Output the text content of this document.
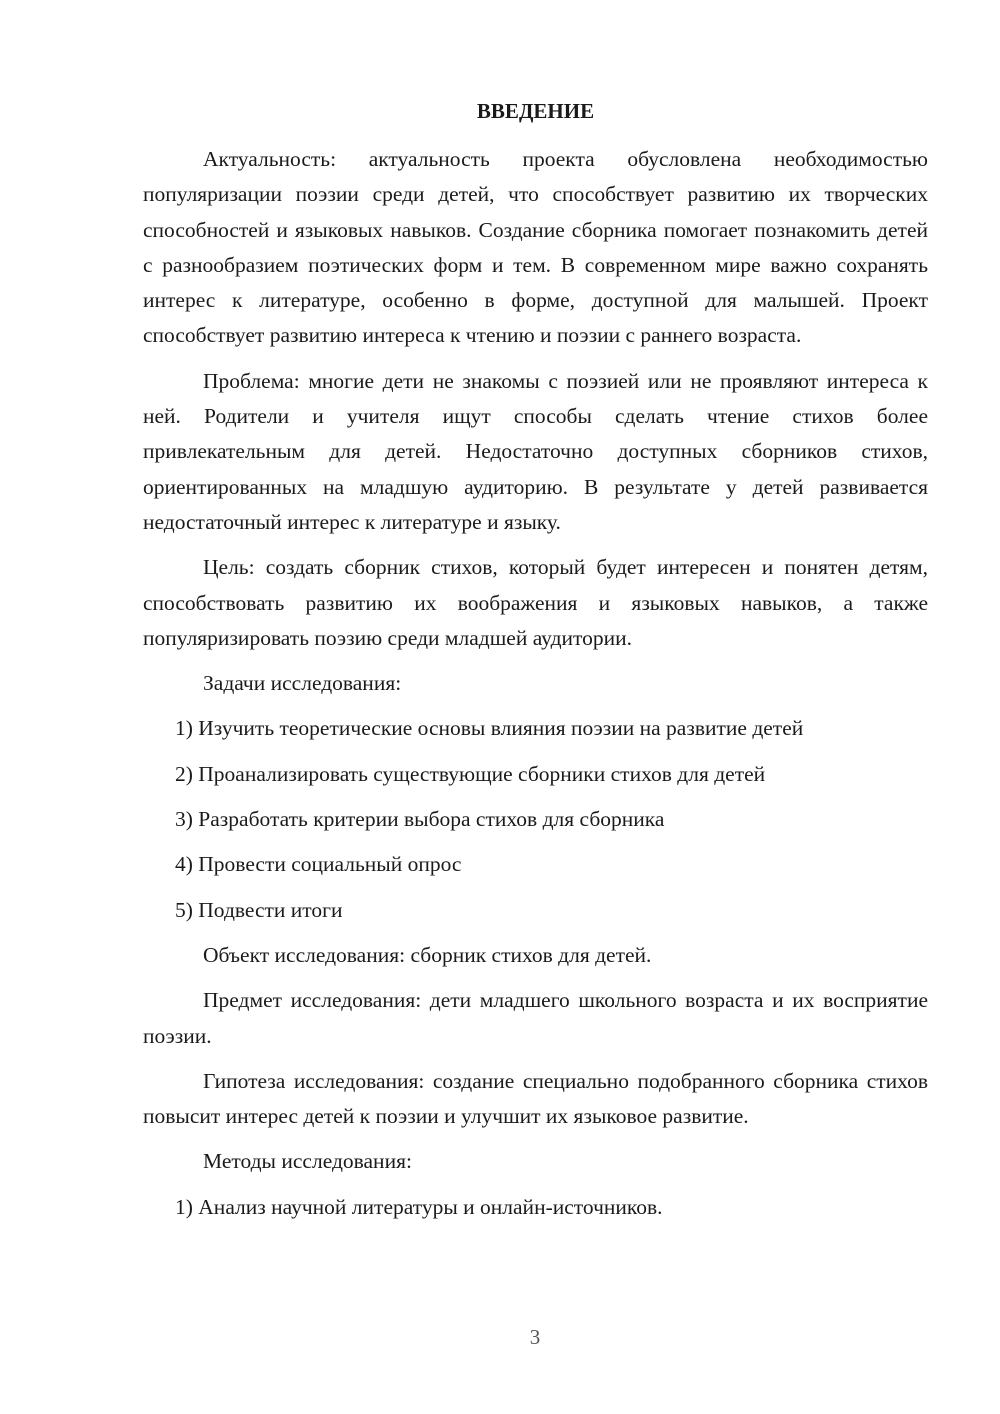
ВВЕДЕНИЕ

Актуальность: актуальность проекта обусловлена необходимостью популяризации поэзии среди детей, что способствует развитию их творческих способностей и языковых навыков. Создание сборника помогает познакомить детей с разнообразием поэтических форм и тем. В современном мире важно сохранять интерес к литературе, особенно в форме, доступной для малышей. Проект способствует развитию интереса к чтению и поэзии с раннего возраста.

Проблема: многие дети не знакомы с поэзией или не проявляют интереса к ней. Родители и учителя ищут способы сделать чтение стихов более привлекательным для детей. Недостаточно доступных сборников стихов, ориентированных на младшую аудиторию. В результате у детей развивается недостаточный интерес к литературе и языку.

Цель: создать сборник стихов, который будет интересен и понятен детям, способствовать развитию их воображения и языковых навыков, а также популяризировать поэзию среди младшей аудитории.

Задачи исследования:

1) Изучить теоретические основы влияния поэзии на развитие детей

2) Проанализировать существующие сборники стихов для детей

3) Разработать критерии выбора стихов для сборника

4) Провести социальный опрос

5) Подвести итоги

Объект исследования: сборник стихов для детей.

Предмет исследования: дети младшего школьного возраста и их восприятие поэзии.

Гипотеза исследования: создание специально подобранного сборника стихов повысит интерес детей к поэзии и улучшит их языковое развитие.

Методы исследования:

1) Анализ научной литературы и онлайн-источников.

3
